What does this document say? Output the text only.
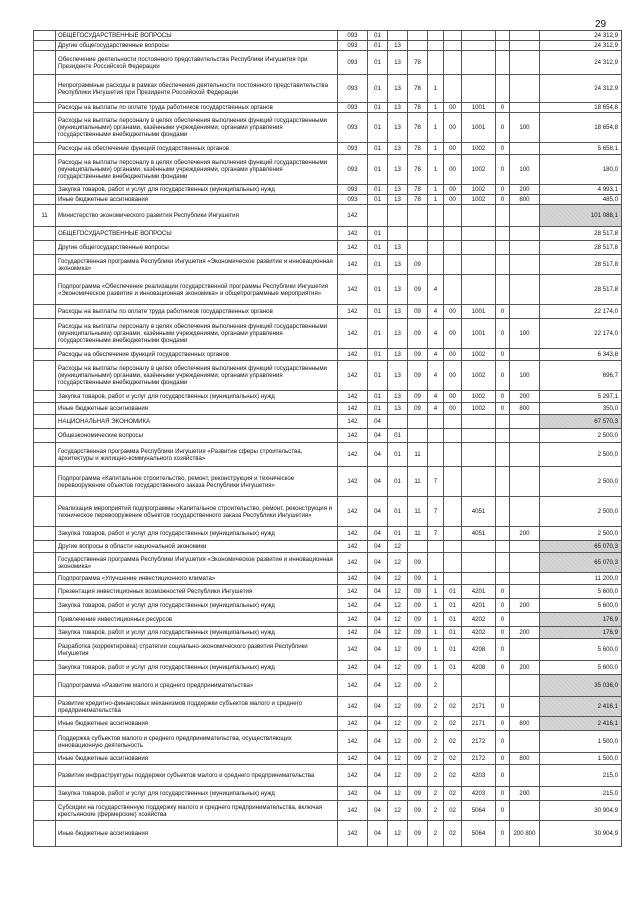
29
	ОБЩЕГОСУДАРСТВЕННЫЕ ВОПРОСЫ	093	01								24 312,9
	Другие общегосударственные вопросы	093	01	13							24 312,9
	Обеспечение деятельности постоянного представительства Республики Ингушетия при Президенте Российской Федерации	093	01	13	78						24 312,9
	Непрограммные расходы в рамках обеспечения деятельности постоянного представительства Республики Ингушетия при Президенте Российской Федерации	093	01	13	78	1					24 312,9
	Расходы на выплаты по оплате труда работников государственных органов	093	01	13	78	1	00	1001	0		18 654,8
	Расходы на выплаты персоналу в целях обеспечения выполнения функций государственными (муниципальными) органами, казёнными учреждениями, органами управления государственными внебюджетными фондами	093	01	13	78	1	00	1001	0	100	18 654,8
	Расходы на обеспечение функций государственных органов	093	01	13	78	1	00	1002	0		5 658,1
	Расходы на выплаты персоналу в целях обеспечения выполнения функций государственными (муниципальными) органами, казёнными учреждениями, органами управления государственными внебюджетными фондами	093	01	13	78	1	00	1002	0	100	180,0
	Закупка товаров, работ и услуг для государственных (муниципальных) нужд	093	01	13	78	1	00	1002	0	200	4 993,1
	Иные бюджетные ассигнования	093	01	13	78	1	00	1002	0	800	485,0
11	Министерство экономического развития Республики Ингушетия	142									101 088,1
	ОБЩЕГОСУДАРСТВЕННЫЕ ВОПРОСЫ	142	01								28 517,8
	Другие общегосударственные вопросы	142	01	13							28 517,8
	Государственная программа Республики Ингушетия «Экономическое развитие и инновационная экономика»	142	01	13	09						28 517,8
	Подпрограмма «Обеспечение реализации государственной программы Республики Ингушетия «Экономическое развитие и инновационная экономика» и общепрограммные мероприятия»	142	01	13	09	4					28 517,8
	Расходы на выплаты по оплате труда работников государственных органов	142	01	13	09	4	00	1001	0		22 174,0
	Расходы на выплаты персоналу в целях обеспечения выполнения функций государственными (муниципальными) органами, казёнными учреждениями, органами управления государственными внебюджетными фондами	142	01	13	09	4	00	1001	0	100	22 174,0
	Расходы на обеспечение функций государственных органов	142	01	13	09	4	00	1002	0		6 343,8
	Расходы на выплаты персоналу в целях обеспечения выполнения функций государственными (муниципальными) органами, казёнными учреждениями, органами управления государственными внебюджетными фондами	142	01	13	09	4	00	1002	0	100	696,7
	Закупка товаров, работ и услуг для государственных (муниципальных) нужд	142	01	13	09	4	00	1002	0	200	5 297,1
	Иные бюджетные ассигнования	142	01	13	09	4	00	1002	0	800	350,0
	НАЦИОНАЛЬНАЯ ЭКОНОМИКА	142	04								67 570,3
	Общеэкономические вопросы	142	04	01							2 500,0
	Государственная программа Республики Ингушетия «Развитие сферы строительства, архитектуры и жилищно-коммунального хозяйства»	142	04	01	11						2 500,0
	Подпрограмма «Капитальное строительство, ремонт, реконструкция и техническое перевооружение объектов государственного заказа Республики Ингушетия»	142	04	01	11	7					2 500,0
	Реализация мероприятий подпрограммы «Капитальное строительство, ремонт, реконструкция и техническое перевооружение объектов государственного заказа Республики Ингушетия»	142	04	01	11	7		4051			2 500,0
	Закупка товаров, работ и услуг для государственных (муниципальных) нужд	142	04	01	11	7		4051		200	2 500,0
	Другие вопросы в области национальной экономики	142	04	12							65 070,3
	Государственная программа Республики Ингушетия «Экономическое развитие и инновационная экономика»	142	04	12	09						65 070,3
	Подпрограмма «Улучшение инвестиционного климата»	142	04	12	09	1					11 200,0
	Презентация инвестиционных возможностей Республики Ингушетия	142	04	12	09	1	01	4201	0		5 600,0
	Закупка товаров, работ и услуг для государственных (муниципальных) нужд	142	04	12	09	1	01	4201	0	200	5 600,0
	Привлечение инвестиционных ресурсов	142	04	12	09	1	01	4202	0		176,9
	Закупка товаров, работ и услуг для государственных (муниципальных) нужд	142	04	12	09	1	01	4202	0	200	176,9
	Разработка (корректировка) стратегии социально-экономического развития Республики Ингушетия	142	04	12	09	1	01	4208	0		5 600,0
	Закупка товаров, работ и услуг для государственных (муниципальных) нужд	142	04	12	09	1	01	4208	0	200	5 600,0
	Подпрограмма «Развитие малого и среднего предпринимательства»	142	04	12	09	2					35 036,0
	Развитие кредитно-финансовых механизмов поддержки субъектов малого и среднего предпринимательства	142	04	12	09	2	02	2171	0		2 416,1
	Иные бюджетные ассигнования	142	04	12	09	2	02	2171	0	800	2 416,1
	Поддержка субъектов малого и среднего предпринимательства, осуществляющих инновационную деятельность	142	04	12	09	2	02	2172	0		1 500,0
	Иные бюджетные ассигнования	142	04	12	09	2	02	2172	0	800	1 500,0
	Развитие инфраструктуры поддержки субъектов малого и среднего предпринимательства	142	04	12	09	2	02	4203	0		215,0
	Закупка товаров, работ и услуг для государственных (муниципальных) нужд	142	04	12	09	2	02	4203	0	200	215,0
	Субсидии на государственную поддержку малого и среднего предпринимательства, включая крестьянские (фермерские) хозяйства	142	04	12	09	2	02	5064	0		30 904,9
	Иные бюджетные ассигнования	142	04	12	09	2	02	5064	0	200 800	30 904,9
